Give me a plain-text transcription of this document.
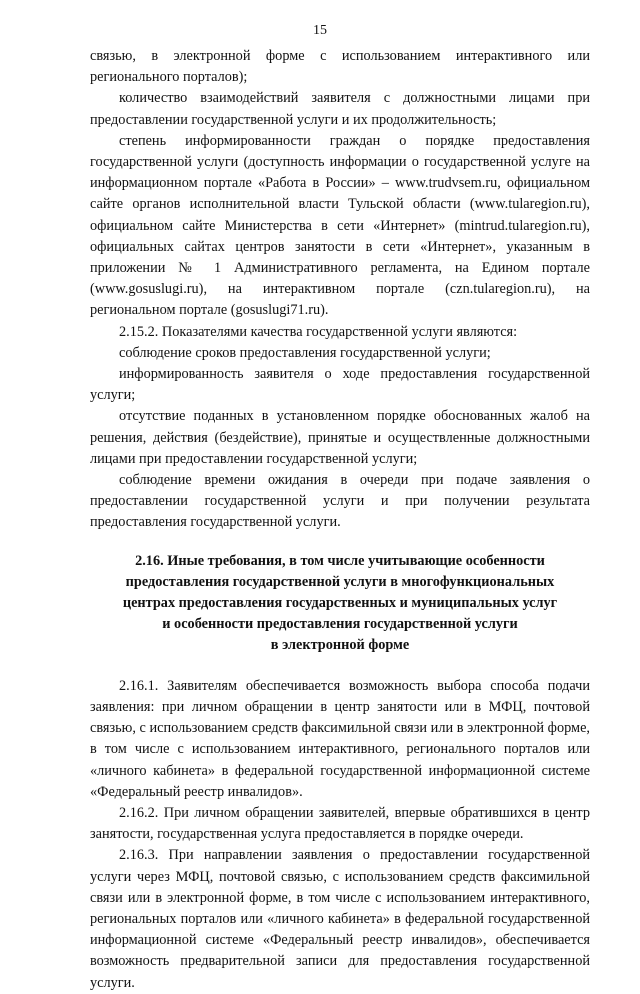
15

связью, в электронной форме с использованием интерактивного или регионального порталов);

количество взаимодействий заявителя с должностными лицами при предоставлении государственной услуги и их продолжительность;

степень информированности граждан о порядке предоставления государственной услуги (доступность информации о государственной услуге на информационном портале «Работа в России» – www.trudvsem.ru, официальном сайте органов исполнительной власти Тульской области (www.tularegion.ru), официальном сайте Министерства в сети «Интернет» (mintrud.tularegion.ru), официальных сайтах центров занятости в сети «Интернет», указанным в приложении № 1 Административного регламента, на Едином портале (www.gosuslugi.ru), на интерактивном портале (czn.tularegion.ru), на региональном портале (gosuslugi71.ru).

2.15.2. Показателями качества государственной услуги являются:

соблюдение сроков предоставления государственной услуги;

информированность заявителя о ходе предоставления государственной услуги;

отсутствие поданных в установленном порядке обоснованных жалоб на решения, действия (бездействие), принятые и осуществленные должностными лицами при предоставлении государственной услуги;

соблюдение времени ожидания в очереди при подаче заявления о предоставлении государственной услуги и при получении результата предоставления государственной услуги.

2.16. Иные требования, в том числе учитывающие особенности
предоставления государственной услуги в многофункциональных
центрах предоставления государственных и муниципальных услуг
и особенности предоставления государственной услуги
в электронной форме

2.16.1. Заявителям обеспечивается возможность выбора способа подачи заявления: при личном обращении в центр занятости или в МФЦ, почтовой связью, с использованием средств факсимильной связи или в электронной форме, в том числе с использованием интерактивного, регионального порталов или «личного кабинета» в федеральной государственной информационной системе «Федеральный реестр инвалидов».

2.16.2. При личном обращении заявителей, впервые обратившихся в центр занятости, государственная услуга предоставляется в порядке очереди.

2.16.3. При направлении заявления о предоставлении государственной услуги через МФЦ, почтовой связью, с использованием средств факсимильной связи или в электронной форме, в том числе с использованием интерактивного, региональных порталов или «личного кабинета» в федеральной государственной информационной системе «Федеральный реестр инвалидов», обеспечивается возможность предварительной записи для предоставления государственной услуги.
